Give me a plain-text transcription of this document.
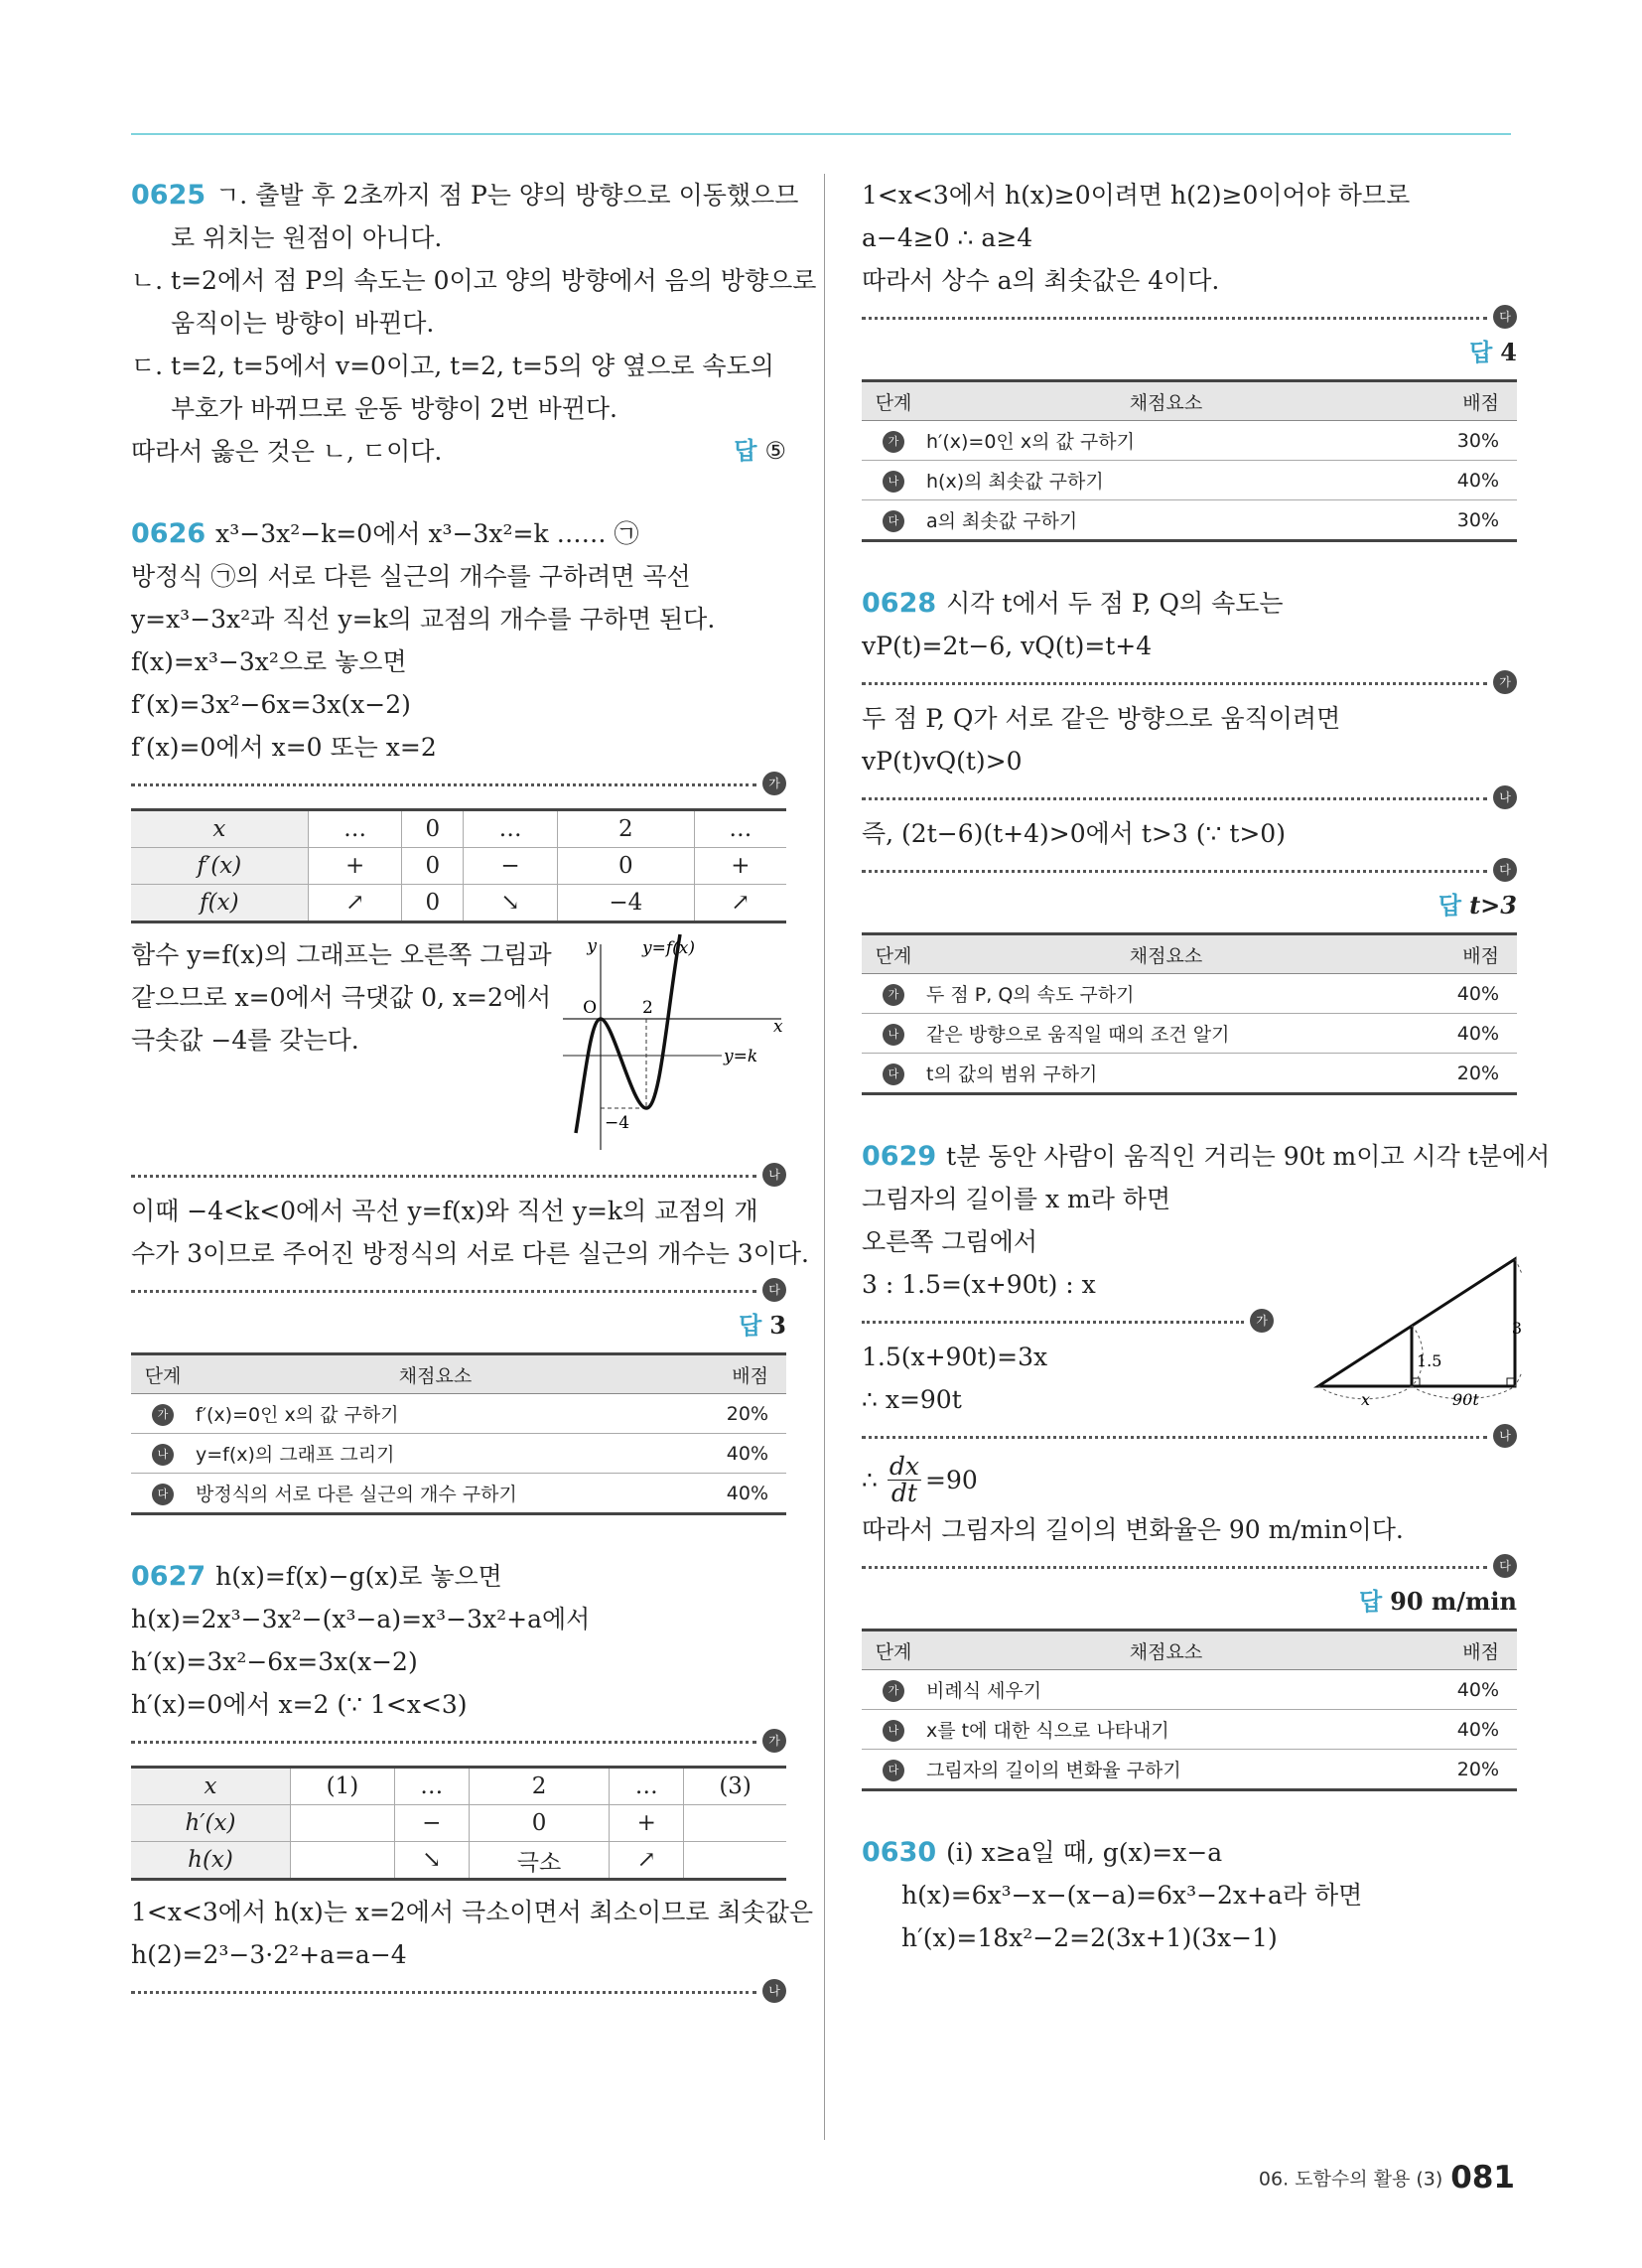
0625 ㄱ. 출발 후 2초까지 점 P는 양의 방향으로 이동했으므

로 위치는 원점이 아니다.

ㄴ. t=2에서 점 P의 속도는 0이고 양의 방향에서 음의 방향으로

움직이는 방향이 바뀐다.

ㄷ. t=2, t=5에서 v=0이고, t=2, t=5의 양 옆으로 속도의

부호가 바뀌므로 운동 방향이 2번 바뀐다.

따라서 옳은 것은 ㄴ, ㄷ이다.	답 ⑤

0626 x³−3x²−k=0에서 x³−3x²=k …… ㉠

방정식 ㉠의 서로 다른 실근의 개수를 구하려면 곡선

y=x³−3x²과 직선 y=k의 교점의 개수를 구하면 된다.

f(x)=x³−3x²으로 놓으면

f′(x)=3x²−6x=3x(x−2)

f′(x)=0에서 x=0 또는 x=2

가
x	…	0	…	2	…
f′(x)	+	0	−	0	+
f(x)	↗	0	↘	−4	↗

함수 y=f(x)의 그래프는 오른쪽 그림과

같으므로 x=0에서 극댓값 0, x=2에서

극솟값 −4를 갖는다.

y	y=f(x)
O	2
x
y=k
−4
나

이때 −4<k<0에서 곡선 y=f(x)와 직선 y=k의 교점의 개

수가 3이므로 주어진 방정식의 서로 다른 실근의 개수는 3이다.

다
답 3
단계	채점요소	배점
가	f′(x)=0인 x의 값 구하기	20%
나	y=f(x)의 그래프 그리기	40%
다	방정식의 서로 다른 실근의 개수 구하기	40%

0627 h(x)=f(x)−g(x)로 놓으면

h(x)=2x³−3x²−(x³−a)=x³−3x²+a에서

h′(x)=3x²−6x=3x(x−2)

h′(x)=0에서 x=2 (∵ 1<x<3)

가
x	(1)	…	2	…	(3)
h′(x)		−	0	+	
h(x)		↘	극소	↗	

1<x<3에서 h(x)는 x=2에서 극소이면서 최소이므로 최솟값은

h(2)=2³−3·2²+a=a−4

나

1<x<3에서 h(x)≥0이려면 h(2)≥0이어야 하므로

a−4≥0 ∴ a≥4

따라서 상수 a의 최솟값은 4이다.

다
답 4
단계	채점요소	배점
가	h′(x)=0인 x의 값 구하기	30%
나	h(x)의 최솟값 구하기	40%
다	a의 최솟값 구하기	30%

0628 시각 t에서 두 점 P, Q의 속도는

vP(t)=2t−6, vQ(t)=t+4

가

두 점 P, Q가 서로 같은 방향으로 움직이려면

vP(t)vQ(t)>0

나

즉, (2t−6)(t+4)>0에서 t>3 (∵ t>0)

다
답 t>3
단계	채점요소	배점
가	두 점 P, Q의 속도 구하기	40%
나	같은 방향으로 움직일 때의 조건 알기	40%
다	t의 값의 범위 구하기	20%

0629 t분 동안 사람이 움직인 거리는 90t m이고 시각 t분에서

그림자의 길이를 x m라 하면

오른쪽 그림에서

3 : 1.5=(x+90t) : x

가

1.5(x+90t)=3x

∴ x=90t

1.5
3
x	90t
나
∴ $\frac{dx}{dt} =90$

따라서 그림자의 길이의 변화율은 90 m/min이다.

다
답 90 m/min
단계	채점요소	배점
가	비례식 세우기	40%
나	x를 t에 대한 식으로 나타내기	40%
다	그림자의 길이의 변화율 구하기	20%

0630 (i) x≥a일 때, g(x)=x−a

h(x)=6x³−x−(x−a)=6x³−2x+a라 하면

h′(x)=18x²−2=2(3x+1)(3x−1)

06. 도함수의 활용 (3) 081
